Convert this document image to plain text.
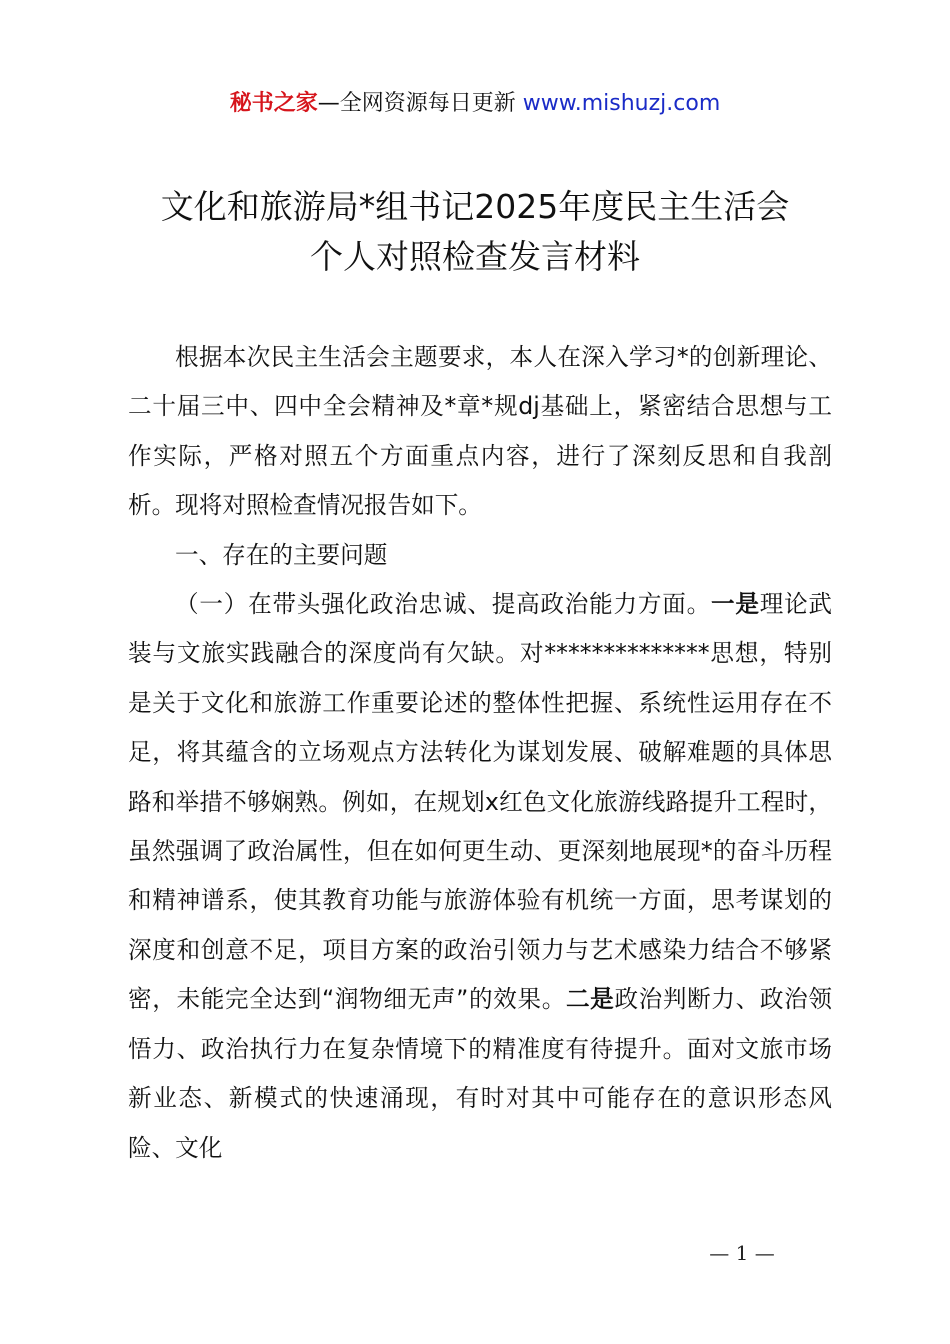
秘书之家—全网资源每日更新 www.mishuzj.com
文化和旅游局*组书记2025年度民主生活会
个人对照检查发言材料

根据本次民主生活会主题要求，本人在深入学习*的创新理论、二十届三中、四中全会精神及*章*规dj基础上，紧密结合思想与工作实际，严格对照五个方面重点内容，进行了深刻反思和自我剖析。现将对照检查情况报告如下。

一、存在的主要问题

（一）在带头强化政治忠诚、提高政治能力方面。一是理论武装与文旅实践融合的深度尚有欠缺。对**************思想，特别是关于文化和旅游工作重要论述的整体性把握、系统性运用存在不足，将其蕴含的立场观点方法转化为谋划发展、破解难题的具体思路和举措不够娴熟。例如，在规划x红色文化旅游线路提升工程时，虽然强调了政治属性，但在如何更生动、更深刻地展现*的奋斗历程和精神谱系，使其教育功能与旅游体验有机统一方面，思考谋划的深度和创意不足，项目方案的政治引领力与艺术感染力结合不够紧密，未能完全达到“润物细无声”的效果。二是政治判断力、政治领悟力、政治执行力在复杂情境下的精准度有待提升。面对文旅市场新业态、新模式的快速涌现，有时对其中可能存在的意识形态风险、文化

— 1 —
